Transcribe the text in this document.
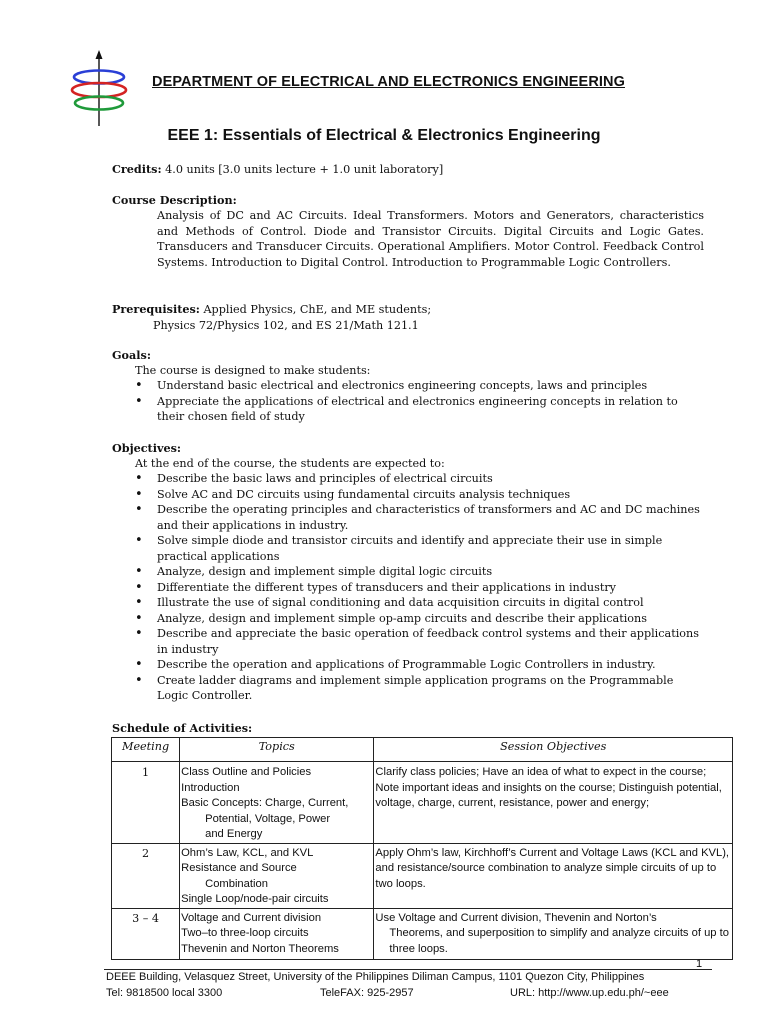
DEPARTMENT OF ELECTRICAL AND ELECTRONICS ENGINEERING
EEE 1: Essentials of Electrical & Electronics Engineering
Credits: 4.0 units [3.0 units lecture + 1.0 unit laboratory]
Course Description:
Analysis of DC and AC Circuits. Ideal Transformers. Motors and Generators, characteristics and Methods of Control. Diode and Transistor Circuits. Digital Circuits and Logic Gates. Transducers and Transducer Circuits. Operational Amplifiers. Motor Control. Feedback Control Systems. Introduction to Digital Control. Introduction to Programmable Logic Controllers.
Prerequisites: Applied Physics, ChE, and ME students;
Physics 72/Physics 102, and ES 21/Math 121.1
Goals:
The course is designed to make students:
• Understand basic electrical and electronics engineering concepts, laws and principles
• Appreciate the applications of electrical and electronics engineering concepts in relation to their chosen field of study
Objectives:
At the end of the course, the students are expected to:
• Describe the basic laws and principles of electrical circuits
• Solve AC and DC circuits using fundamental circuits analysis techniques
• Describe the operating principles and characteristics of transformers and AC and DC machines and their applications in industry.
• Solve simple diode and transistor circuits and identify and appreciate their use in simple practical applications
• Analyze, design and implement simple digital logic circuits
• Differentiate the different types of transducers and their applications in industry
• Illustrate the use of signal conditioning and data acquisition circuits in digital control
• Analyze, design and implement simple op-amp circuits and describe their applications
• Describe and appreciate the basic operation of feedback control systems and their applications in industry
• Describe the operation and applications of Programmable Logic Controllers in industry.
• Create ladder diagrams and implement simple application programs on the Programmable Logic Controller.
Schedule of Activities:
Meeting	Topics	Session Objectives
1	Class Outline and Policies
Introduction
Basic Concepts: Charge, Current,
Potential, Voltage, Power
and Energy	Clarify class policies; Have an idea of what to expect in the course; Note important ideas and insights on the course; Distinguish potential, voltage, charge, current, resistance, power and energy;
2	Ohm’s Law, KCL, and KVL
Resistance and Source
Combination
Single Loop/node-pair circuits	Apply Ohm’s law, Kirchhoff’s Current and Voltage Laws (KCL and KVL), and resistance/source combination to analyze simple circuits of up to two loops.
3 – 4	Voltage and Current division
Two–to three-loop circuits
Thevenin and Norton Theorems	Use Voltage and Current division, Thevenin and Norton’s
Theorems, and superposition to simplify and analyze circuits of up to three loops.
1
DEEE Building, Velasquez Street, University of the Philippines Diliman Campus, 1101 Quezon City, Philippines
Tel: 9818500 local 3300	TeleFAX: 925-2957	URL: http://www.up.edu.ph/~eee
